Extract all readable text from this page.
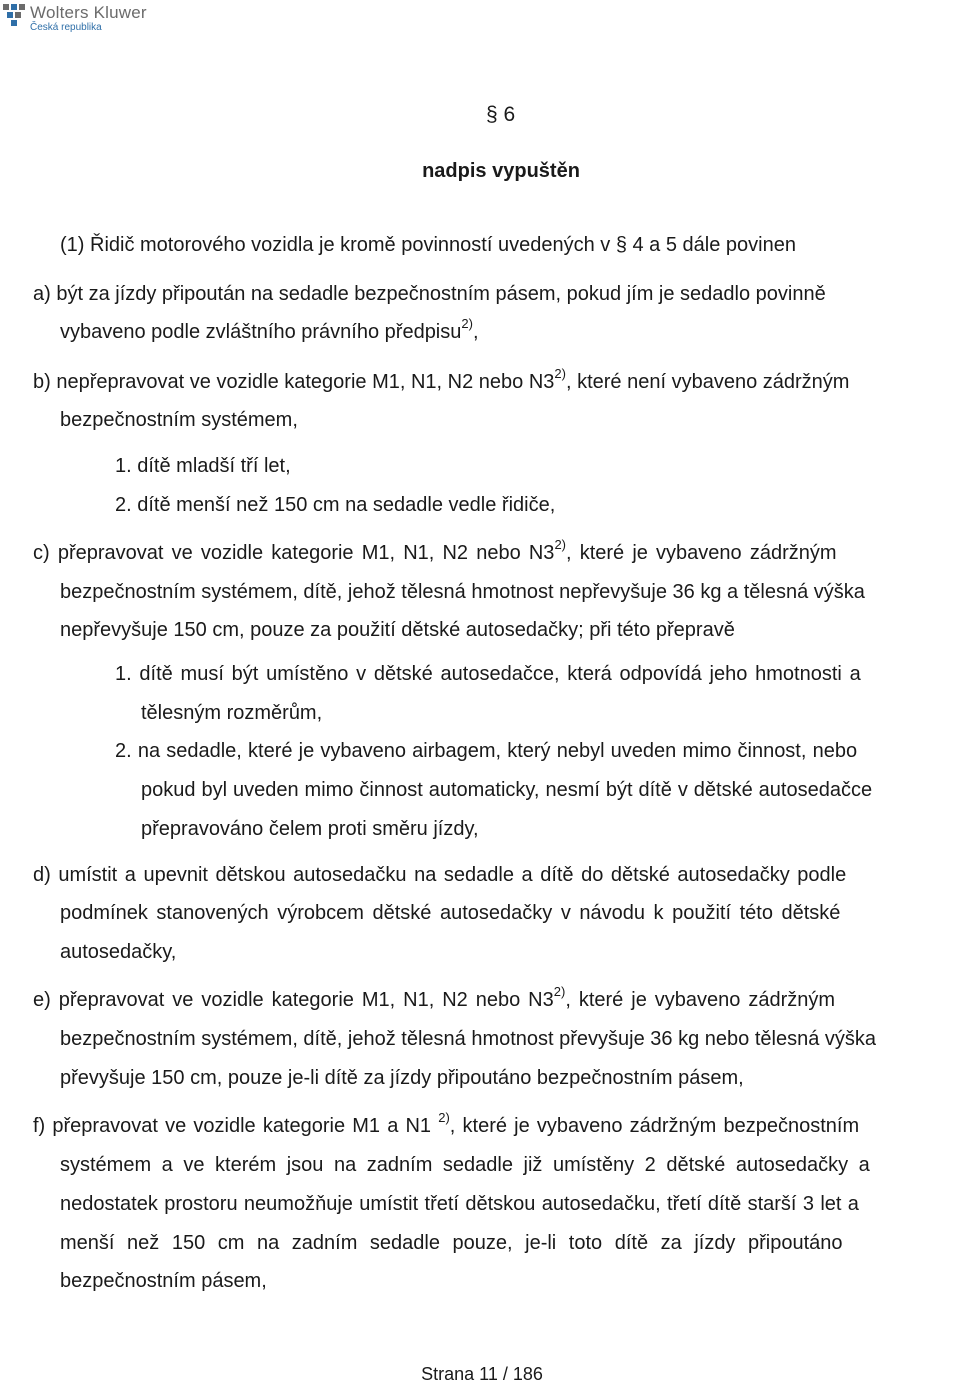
Wolters Kluwer
Česká republika
§ 6
nadpis vypuštěn

(1) Řidič motorového vozidla je kromě povinností uvedených v § 4 a 5 dále povinen

a) být za jízdy připoután na sedadle bezpečnostním pásem, pokud jím je sedadlo povinně

vybaveno podle zvláštního právního předpisu$^{2)}$,

b) nepřepravovat ve vozidle kategorie M1, N1, N2 nebo N3$^{2)}$, které není vybaveno zádržným

bezpečnostním systémem,

1. dítě mladší tří let,

2. dítě menší než 150 cm na sedadle vedle řidiče,

c) přepravovat ve vozidle kategorie M1, N1, N2 nebo N3$^{2)}$, které je vybaveno zádržným

bezpečnostním systémem, dítě, jehož tělesná hmotnost nepřevyšuje 36 kg a tělesná výška

nepřevyšuje 150 cm, pouze za použití dětské autosedačky; při této přepravě

1. dítě musí být umístěno v dětské autosedačce, která odpovídá jeho hmotnosti a

tělesným rozměrům,

2. na sedadle, které je vybaveno airbagem, který nebyl uveden mimo činnost, nebo

pokud byl uveden mimo činnost automaticky, nesmí být dítě v dětské autosedačce

přepravováno čelem proti směru jízdy,

d) umístit a upevnit dětskou autosedačku na sedadle a dítě do dětské autosedačky podle

podmínek stanovených výrobcem dětské autosedačky v návodu k použití této dětské

autosedačky,

e) přepravovat ve vozidle kategorie M1, N1, N2 nebo N3$^{2)}$, které je vybaveno zádržným

bezpečnostním systémem, dítě, jehož tělesná hmotnost převyšuje 36 kg nebo tělesná výška

převyšuje 150 cm, pouze je-li dítě za jízdy připoutáno bezpečnostním pásem,

f) přepravovat ve vozidle kategorie M1 a N1 $^{2)}$, které je vybaveno zádržným bezpečnostním

systémem a ve kterém jsou na zadním sedadle již umístěny 2 dětské autosedačky a

nedostatek prostoru neumožňuje umístit třetí dětskou autosedačku, třetí dítě starší 3 let a

menší než 150 cm na zadním sedadle pouze, je-li toto dítě za jízdy připoutáno

bezpečnostním pásem,

Strana 11 / 186
